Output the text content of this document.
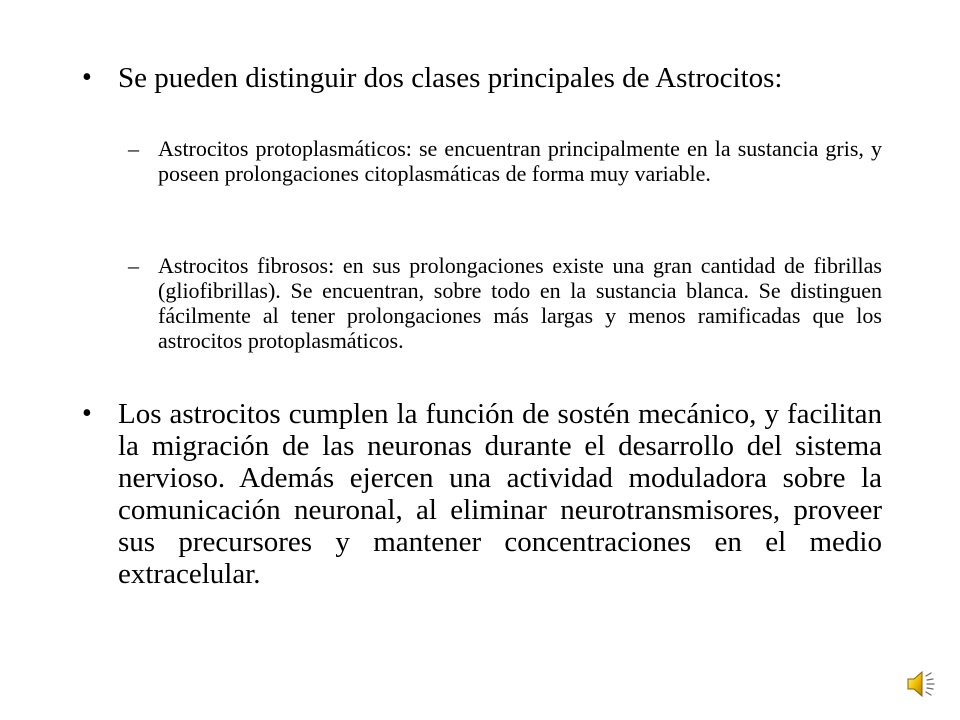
• Se pueden distinguir dos clases principales de Astrocitos:
– Astrocitos protoplasmáticos: se encuentran principalmente en la sustancia gris, y poseen prolongaciones citoplasmáticas de forma muy variable.
– Astrocitos fibrosos: en sus prolongaciones existe una gran cantidad de fibrillas (gliofibrillas). Se encuentran, sobre todo en la sustancia blanca. Se distinguen fácilmente al tener prolongaciones más largas y menos ramificadas que los astrocitos protoplasmáticos.
• Los astrocitos cumplen la función de sostén mecánico, y facilitan la migración de las neuronas durante el desarrollo del sistema nervioso. Además ejercen una actividad moduladora sobre la comunicación neuronal, al eliminar neurotransmisores, proveer sus precursores y mantener concentraciones en el medio extracelular.
